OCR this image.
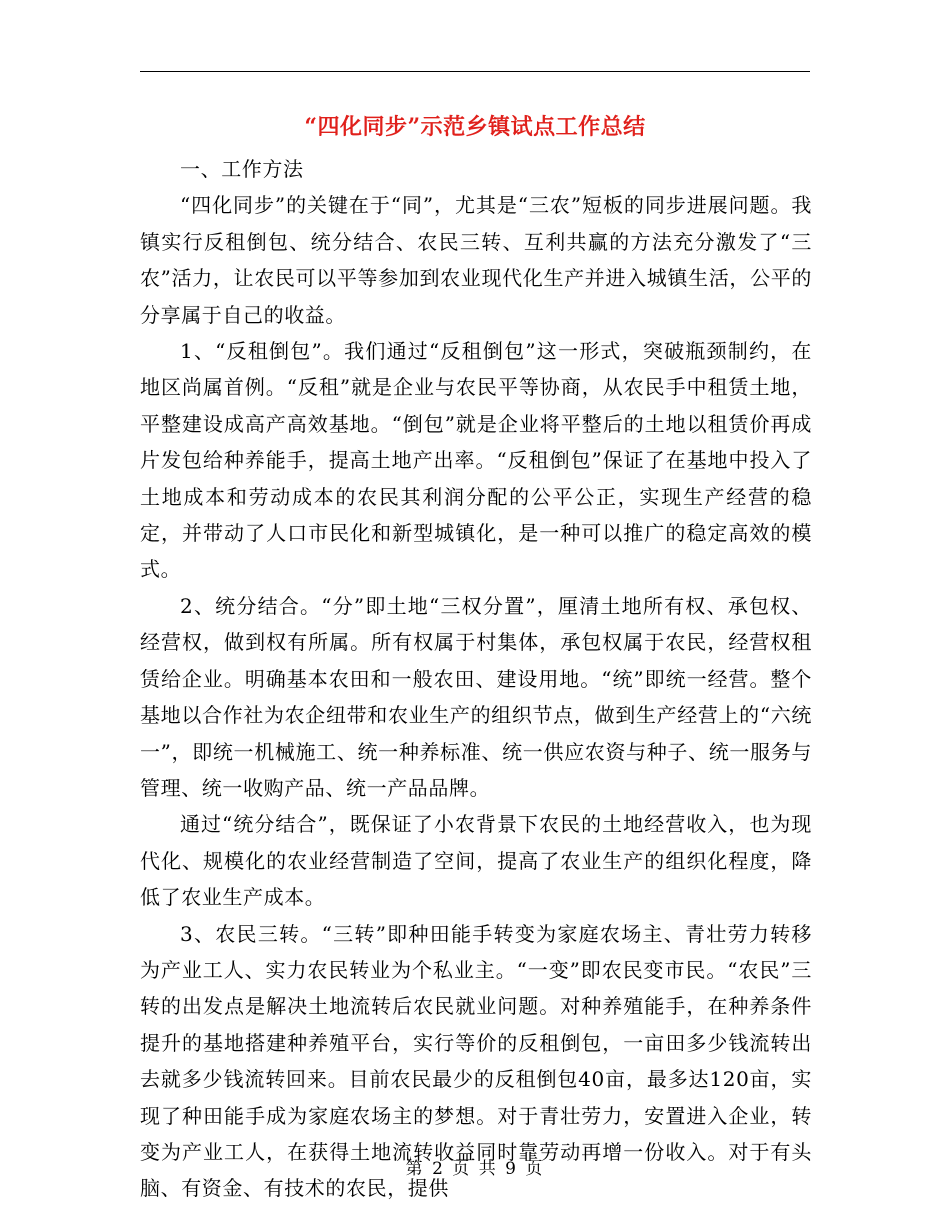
“四化同步”示范乡镇试点工作总结

一、工作方法

“四化同步”的关键在于“同”，尤其是“三农”短板的同步进展问题。我镇实行反租倒包、统分结合、农民三转、互利共赢的方法充分激发了“三农”活力，让农民可以平等参加到农业现代化生产并进入城镇生活，公平的分享属于自己的收益。

1、“反租倒包”。我们通过“反租倒包”这一形式，突破瓶颈制约，在地区尚属首例。“反租”就是企业与农民平等协商，从农民手中租赁土地，平整建设成高产高效基地。“倒包”就是企业将平整后的土地以租赁价再成片发包给种养能手，提高土地产出率。“反租倒包”保证了在基地中投入了土地成本和劳动成本的农民其利润分配的公平公正，实现生产经营的稳定，并带动了人口市民化和新型城镇化，是一种可以推广的稳定高效的模式。

2、统分结合。“分”即土地“三权分置”，厘清土地所有权、承包权、经营权，做到权有所属。所有权属于村集体，承包权属于农民，经营权租赁给企业。明确基本农田和一般农田、建设用地。“统”即统一经营。整个基地以合作社为农企纽带和农业生产的组织节点，做到生产经营上的“六统一”，即统一机械施工、统一种养标准、统一供应农资与种子、统一服务与管理、统一收购产品、统一产品品牌。

通过“统分结合”，既保证了小农背景下农民的土地经营收入，也为现代化、规模化的农业经营制造了空间，提高了农业生产的组织化程度，降低了农业生产成本。

3、农民三转。“三转”即种田能手转变为家庭农场主、青壮劳力转移为产业工人、实力农民转业为个私业主。“一变”即农民变市民。“农民”三转的出发点是解决土地流转后农民就业问题。对种养殖能手，在种养条件提升的基地搭建种养殖平台，实行等价的反租倒包，一亩田多少钱流转出去就多少钱流转回来。目前农民最少的反租倒包40亩，最多达120亩，实现了种田能手成为家庭农场主的梦想。对于青壮劳力，安置进入企业，转变为产业工人，在获得土地流转收益同时靠劳动再增一份收入。对于有头脑、有资金、有技术的农民，提供

第 2 页 共 9 页
